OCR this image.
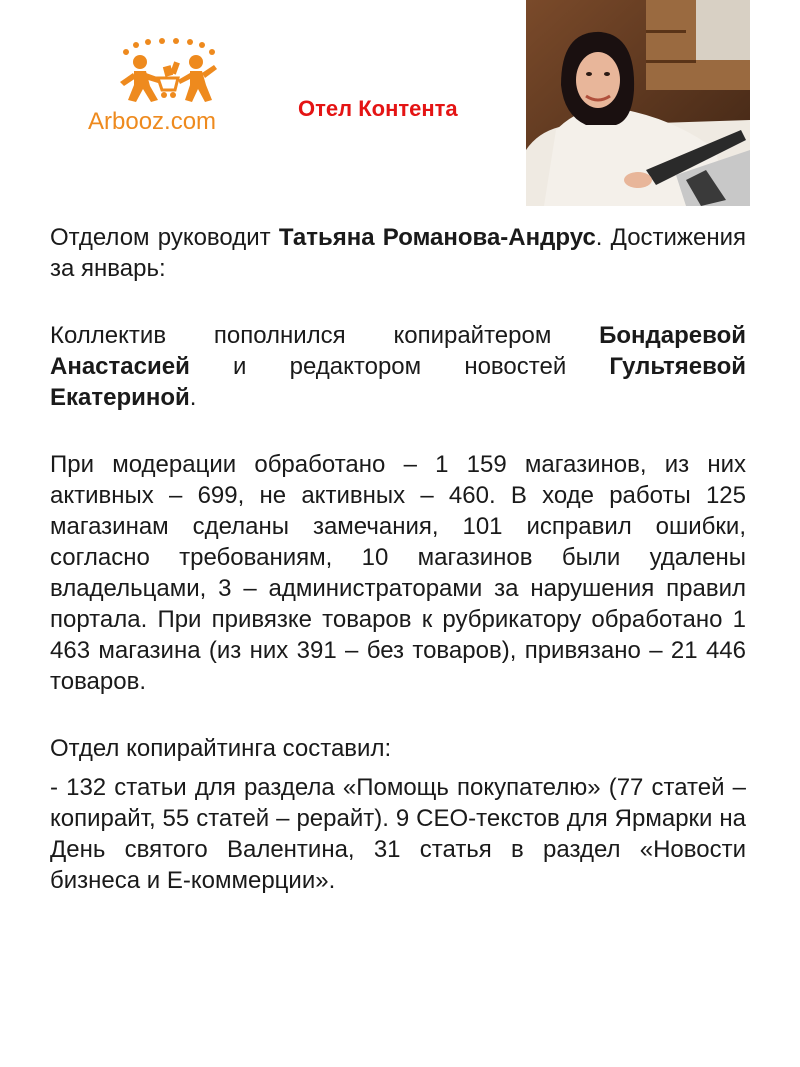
Arbooz.com	Отел Контента

Отделом руководит Татьяна Романова-Андрус. Достижения за январь:

Коллектив пополнился копирайтером Бондаревой Анастасией и редактором новостей Гультяевой Екатериной.

При модерации обработано – 1 159 магазинов, из них активных – 699, не активных – 460. В ходе работы 125 магазинам сделаны замечания, 101 исправил ошибки, согласно требованиям, 10 магазинов были удалены владельцами, 3 – администраторами за нарушения правил портала. При привязке товаров к рубрикатору обработано 1 463 магазина (из них 391 – без товаров), привязано – 21 446 товаров.

Отдел копирайтинга составил:

- 132 статьи для раздела «Помощь покупателю» (77 статей – копирайт, 55 статей – рерайт). 9 СЕО-текстов для Ярмарки на День святого Валентина, 31 статья в раздел «Новости бизнеса и Е-коммерции».
